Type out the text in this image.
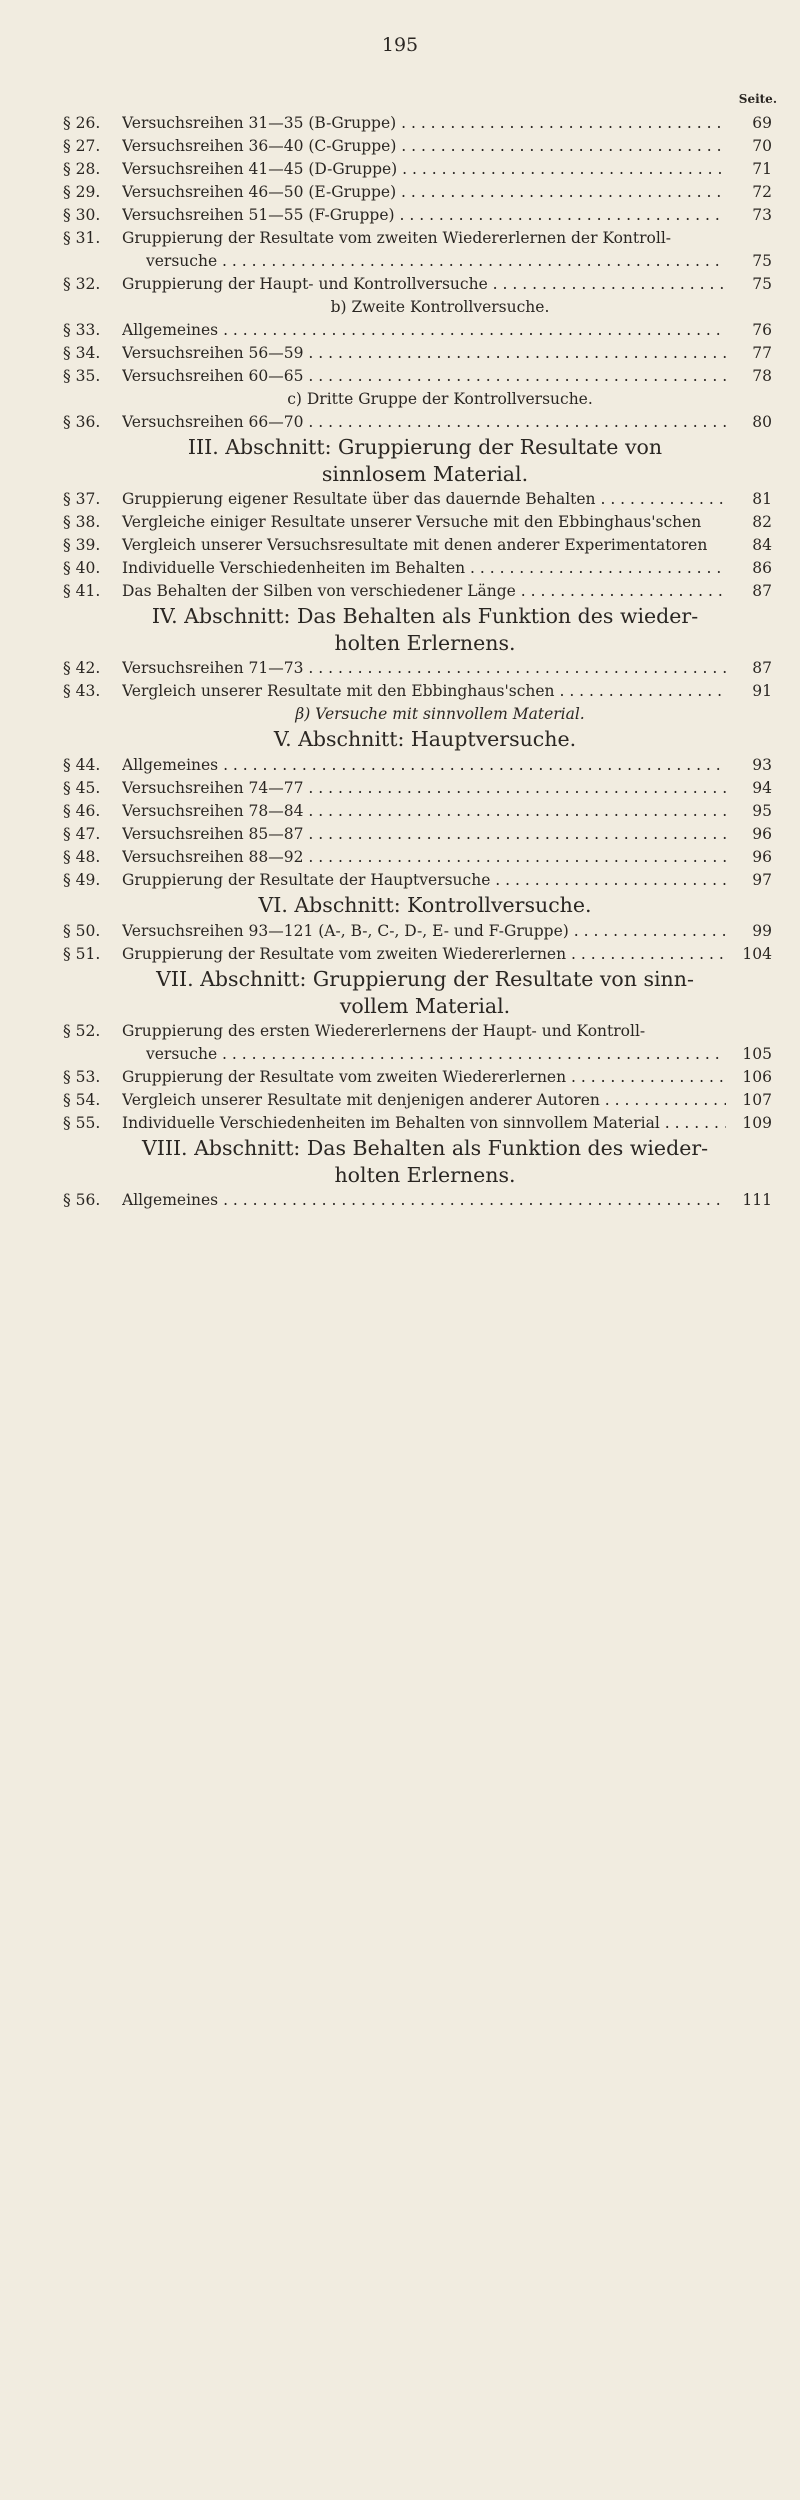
195
Seite.
§ 26. Versuchsreihen 31—35 (B-Gruppe) . . .	69
§ 27. Versuchsreihen 36—40 (C-Gruppe) . . .	70
§ 28. Versuchsreihen 41—45 (D-Gruppe) . . .	71
§ 29. Versuchsreihen 46—50 (E-Gruppe) . . .	72
§ 30. Versuchsreihen 51—55 (F-Gruppe) . . .	73
§ 31. Gruppierung der Resultate vom zweiten Wiedererlernen der Kontroll-
versuche . . .	75
§ 32. Gruppierung der Haupt- und Kontrollversuche . . .	75
b) Zweite Kontrollversuche.
§ 33. Allgemeines . . .	76
§ 34. Versuchsreihen 56—59 . . .	77
§ 35. Versuchsreihen 60—65 . . .	78
c) Dritte Gruppe der Kontrollversuche.
§ 36. Versuchsreihen 66—70 . . .	80
III. Abschnitt: Gruppierung der Resultate von
sinnlosem Material.
§ 37. Gruppierung eigener Resultate über das dauernde Behalten . . .	81
§ 38. Vergleiche einiger Resultate unserer Versuche mit den Ebbinghaus'schen	82
§ 39. Vergleich unserer Versuchsresultate mit denen anderer Experimentatoren	84
§ 40. Individuelle Verschiedenheiten im Behalten . . .	86
§ 41. Das Behalten der Silben von verschiedener Länge . . .	87
IV. Abschnitt: Das Behalten als Funktion des wieder-
holten Erlernens.
§ 42. Versuchsreihen 71—73 . . .	87
§ 43. Vergleich unserer Resultate mit den Ebbinghaus'schen . . .	91
β) Versuche mit sinnvollem Material.
V. Abschnitt: Hauptversuche.
§ 44. Allgemeines . . .	93
§ 45. Versuchsreihen 74—77 . . .	94
§ 46. Versuchsreihen 78—84 . . .	95
§ 47. Versuchsreihen 85—87 . . .	96
§ 48. Versuchsreihen 88—92 . . .	96
§ 49. Gruppierung der Resultate der Hauptversuche . . .	97
VI. Abschnitt: Kontrollversuche.
§ 50. Versuchsreihen 93—121 (A-, B-, C-, D-, E- und F-Gruppe) . . .	99
§ 51. Gruppierung der Resultate vom zweiten Wiedererlernen . . .	104
VII. Abschnitt: Gruppierung der Resultate von sinn-
vollem Material.
§ 52. Gruppierung des ersten Wiedererlernens der Haupt- und Kontroll-
versuche . . .	105
§ 53. Gruppierung der Resultate vom zweiten Wiedererlernen . . .	106
§ 54. Vergleich unserer Resultate mit denjenigen anderer Autoren . . .	107
§ 55. Individuelle Verschiedenheiten im Behalten von sinnvollem Material . . .	109
VIII. Abschnitt: Das Behalten als Funktion des wieder-
holten Erlernens.
§ 56. Allgemeines . . .	111
